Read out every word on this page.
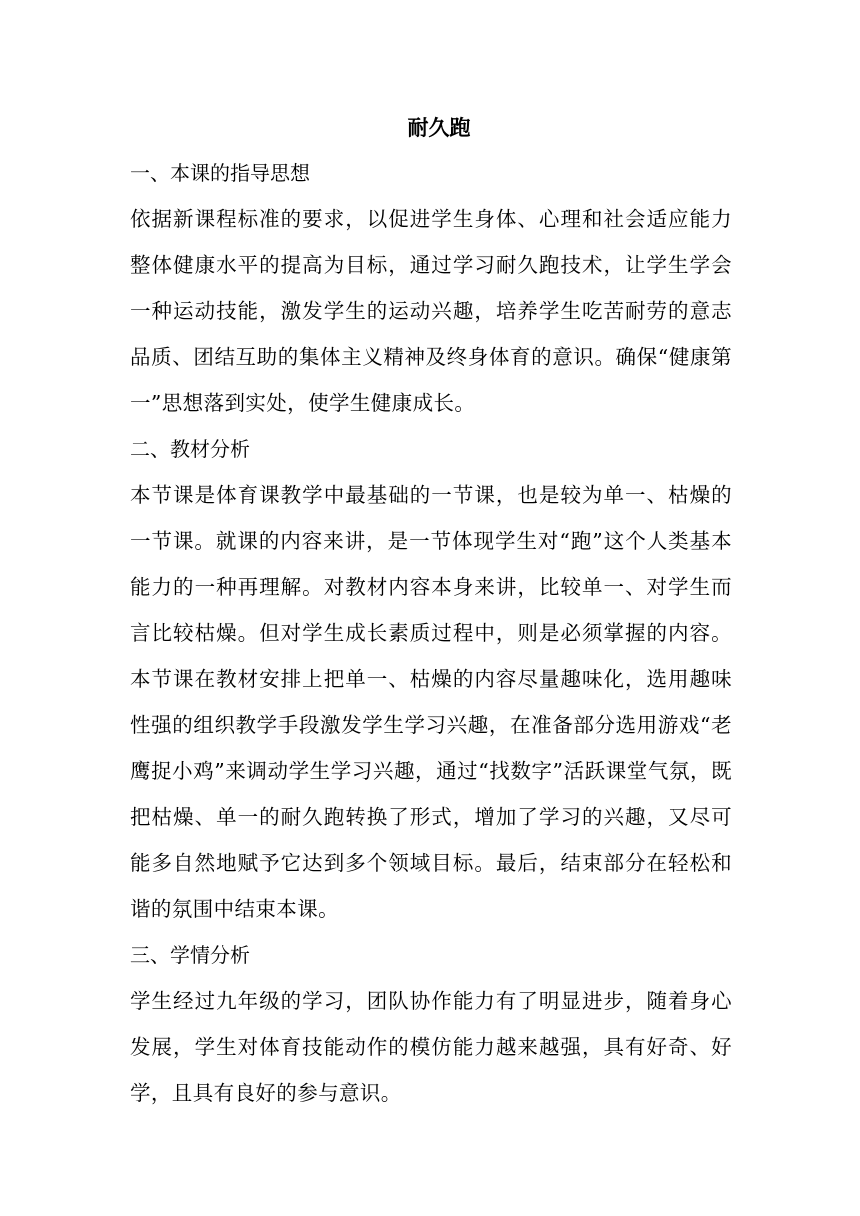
耐久跑

一、本课的指导思想

依据新课程标准的要求，以促进学生身体、心理和社会适应能力整体健康水平的提高为目标，通过学习耐久跑技术，让学生学会一种运动技能，激发学生的运动兴趣，培养学生吃苦耐劳的意志品质、团结互助的集体主义精神及终身体育的意识。确保“健康第一”思想落到实处，使学生健康成长。

二、教材分析

本节课是体育课教学中最基础的一节课，也是较为单一、枯燥的一节课。就课的内容来讲，是一节体现学生对“跑”这个人类基本能力的一种再理解。对教材内容本身来讲，比较单一、对学生而言比较枯燥。但对学生成长素质过程中，则是必须掌握的内容。本节课在教材安排上把单一、枯燥的内容尽量趣味化，选用趣味性强的组织教学手段激发学生学习兴趣，在准备部分选用游戏“老鹰捉小鸡”来调动学生学习兴趣，通过“找数字”活跃课堂气氛，既把枯燥、单一的耐久跑转换了形式，增加了学习的兴趣，又尽可能多自然地赋予它达到多个领域目标。最后，结束部分在轻松和谐的氛围中结束本课。

三、学情分析

学生经过九年级的学习，团队协作能力有了明显进步，随着身心发展，学生对体育技能动作的模仿能力越来越强，具有好奇、好学，且具有良好的参与意识。
